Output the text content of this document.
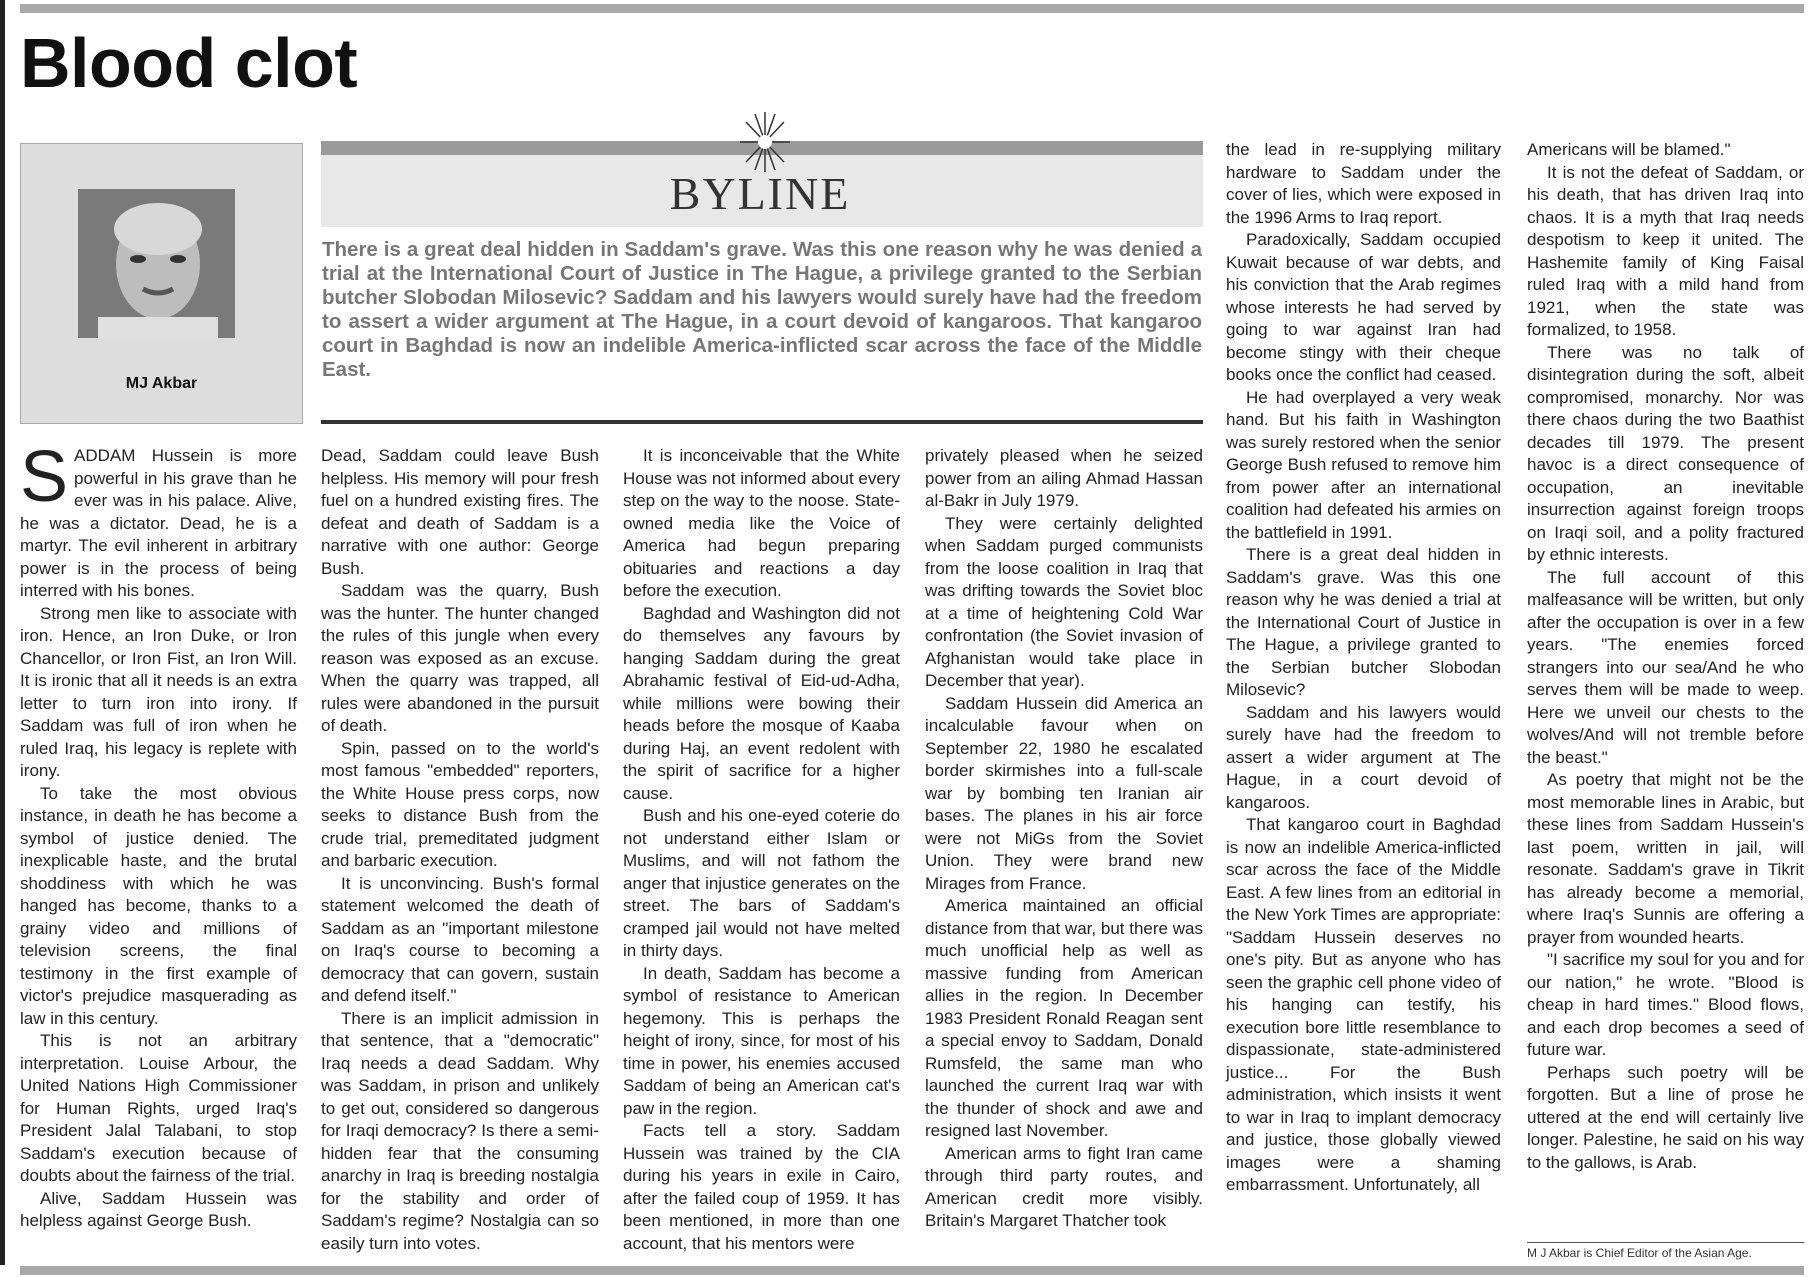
Blood clot
MJ Akbar
BYLINE
There is a great deal hidden in Saddam's grave. Was this one reason why he was denied a trial at the International Court of Justice in The Hague, a privilege granted to the Serbian butcher Slobodan Milosevic? Saddam and his lawyers would surely have had the freedom to assert a wider argument at The Hague, in a court devoid of kangaroos. That kangaroo court in Baghdad is now an indelible America-inflicted scar across the face of the Middle East.

SADDAM Hussein is more powerful in his grave than he ever was in his palace. Alive, he was a dictator. Dead, he is a martyr. The evil inherent in arbitrary power is in the process of being interred with his bones.

Strong men like to associate with iron. Hence, an Iron Duke, or Iron Chancellor, or Iron Fist, an Iron Will. It is ironic that all it needs is an extra letter to turn iron into irony. If Saddam was full of iron when he ruled Iraq, his legacy is replete with irony.

To take the most obvious instance, in death he has become a symbol of justice denied. The inexplicable haste, and the brutal shoddiness with which he was hanged has become, thanks to a grainy video and millions of television screens, the final testimony in the first example of victor's prejudice masquerading as law in this century.

This is not an arbitrary interpretation. Louise Arbour, the United Nations High Commissioner for Human Rights, urged Iraq's President Jalal Talabani, to stop Saddam's execution because of doubts about the fairness of the trial.

Alive, Saddam Hussein was helpless against George Bush.

Dead, Saddam could leave Bush helpless. His memory will pour fresh fuel on a hundred existing fires. The defeat and death of Saddam is a narrative with one author: George Bush.

Saddam was the quarry, Bush was the hunter. The hunter changed the rules of this jungle when every reason was exposed as an excuse. When the quarry was trapped, all rules were abandoned in the pursuit of death.

Spin, passed on to the world's most famous "embedded" reporters, the White House press corps, now seeks to distance Bush from the crude trial, premeditated judgment and barbaric execution.

It is unconvincing. Bush's formal statement welcomed the death of Saddam as an "important milestone on Iraq's course to becoming a democracy that can govern, sustain and defend itself."

There is an implicit admission in that sentence, that a "democratic" Iraq needs a dead Saddam. Why was Saddam, in prison and unlikely to get out, considered so dangerous for Iraqi democracy? Is there a semi-hidden fear that the consuming anarchy in Iraq is breeding nostalgia for the stability and order of Saddam's regime? Nostalgia can so easily turn into votes.

It is inconceivable that the White House was not informed about every step on the way to the noose. State-owned media like the Voice of America had begun preparing obituaries and reactions a day before the execution.

Baghdad and Washington did not do themselves any favours by hanging Saddam during the great Abrahamic festival of Eid-ud-Adha, while millions were bowing their heads before the mosque of Kaaba during Haj, an event redolent with the spirit of sacrifice for a higher cause.

Bush and his one-eyed coterie do not understand either Islam or Muslims, and will not fathom the anger that injustice generates on the street. The bars of Saddam's cramped jail would not have melted in thirty days.

In death, Saddam has become a symbol of resistance to American hegemony. This is perhaps the height of irony, since, for most of his time in power, his enemies accused Saddam of being an American cat's paw in the region.

Facts tell a story. Saddam Hussein was trained by the CIA during his years in exile in Cairo, after the failed coup of 1959. It has been mentioned, in more than one account, that his mentors were

privately pleased when he seized power from an ailing Ahmad Hassan al-Bakr in July 1979.

They were certainly delighted when Saddam purged communists from the loose coalition in Iraq that was drifting towards the Soviet bloc at a time of heightening Cold War confrontation (the Soviet invasion of Afghanistan would take place in December that year).

Saddam Hussein did America an incalculable favour when on September 22, 1980 he escalated border skirmishes into a full-scale war by bombing ten Iranian air bases. The planes in his air force were not MiGs from the Soviet Union. They were brand new Mirages from France.

America maintained an official distance from that war, but there was much unofficial help as well as massive funding from American allies in the region. In December 1983 President Ronald Reagan sent a special envoy to Saddam, Donald Rumsfeld, the same man who launched the current Iraq war with the thunder of shock and awe and resigned last November.

American arms to fight Iran came through third party routes, and American credit more visibly. Britain's Margaret Thatcher took

the lead in re-supplying military hardware to Saddam under the cover of lies, which were exposed in the 1996 Arms to Iraq report.

Paradoxically, Saddam occupied Kuwait because of war debts, and his conviction that the Arab regimes whose interests he had served by going to war against Iran had become stingy with their cheque books once the conflict had ceased.

He had overplayed a very weak hand. But his faith in Washington was surely restored when the senior George Bush refused to remove him from power after an international coalition had defeated his armies on the battlefield in 1991.

There is a great deal hidden in Saddam's grave. Was this one reason why he was denied a trial at the International Court of Justice in The Hague, a privilege granted to the Serbian butcher Slobodan Milosevic?

Saddam and his lawyers would surely have had the freedom to assert a wider argument at The Hague, in a court devoid of kangaroos.

That kangaroo court in Baghdad is now an indelible America-inflicted scar across the face of the Middle East. A few lines from an editorial in the New York Times are appropriate: "Saddam Hussein deserves no one's pity. But as anyone who has seen the graphic cell phone video of his hanging can testify, his execution bore little resemblance to dispassionate, state-administered justice... For the Bush administration, which insists it went to war in Iraq to implant democracy and justice, those globally viewed images were a shaming embarrassment. Unfortunately, all

Americans will be blamed."

It is not the defeat of Saddam, or his death, that has driven Iraq into chaos. It is a myth that Iraq needs despotism to keep it united. The Hashemite family of King Faisal ruled Iraq with a mild hand from 1921, when the state was formalized, to 1958.

There was no talk of disintegration during the soft, albeit compromised, monarchy. Nor was there chaos during the two Baathist decades till 1979. The present havoc is a direct consequence of occupation, an inevitable insurrection against foreign troops on Iraqi soil, and a polity fractured by ethnic interests.

The full account of this malfeasance will be written, but only after the occupation is over in a few years. "The enemies forced strangers into our sea/And he who serves them will be made to weep. Here we unveil our chests to the wolves/And will not tremble before the beast."

As poetry that might not be the most memorable lines in Arabic, but these lines from Saddam Hussein's last poem, written in jail, will resonate. Saddam's grave in Tikrit has already become a memorial, where Iraq's Sunnis are offering a prayer from wounded hearts.

"I sacrifice my soul for you and for our nation," he wrote. "Blood is cheap in hard times." Blood flows, and each drop becomes a seed of future war.

Perhaps such poetry will be forgotten. But a line of prose he uttered at the end will certainly live longer. Palestine, he said on his way to the gallows, is Arab.

M J Akbar is Chief Editor of the Asian Age.
